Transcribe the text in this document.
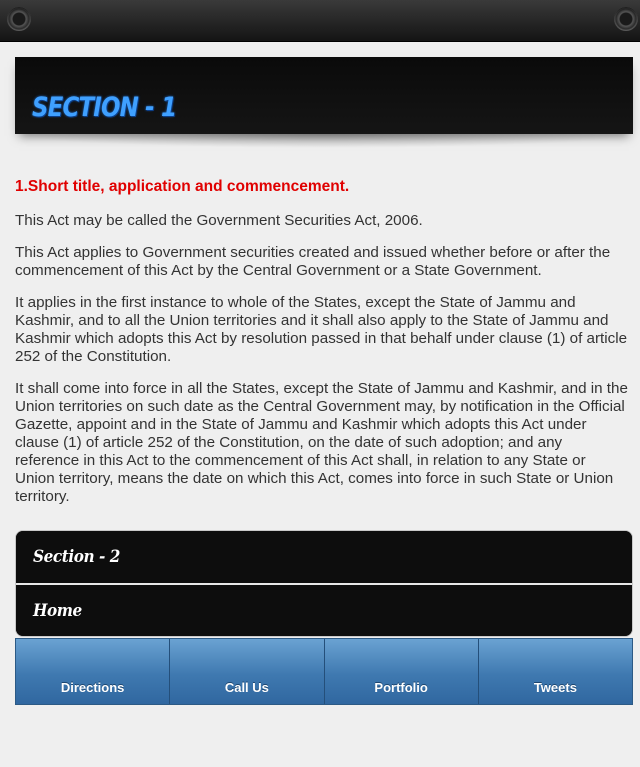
SECTION - 1
1.Short title, application and commencement.

This Act may be called the Government Securities Act, 2006.

This Act applies to Government securities created and issued whether before or after the commencement of this Act by the Central Government or a State Government.

It applies in the first instance to whole of the States, except the State of Jammu and Kashmir, and to all the Union territories and it shall also apply to the State of Jammu and Kashmir which adopts this Act by resolution passed in that behalf under clause (1) of article 252 of the Constitution.

It shall come into force in all the States, except the State of Jammu and Kashmir, and in the Union territories on such date as the Central Government may, by notification in the Official Gazette, appoint and in the State of Jammu and Kashmir which adopts this Act under clause (1) of article 252 of the Constitution, on the date of such adoption; and any reference in this Act to the commencement of this Act shall, in relation to any State or Union territory, means the date on which this Act, comes into force in such State or Union territory.

Section - 2
Home
Directions	Call Us	Portfolio	Tweets
